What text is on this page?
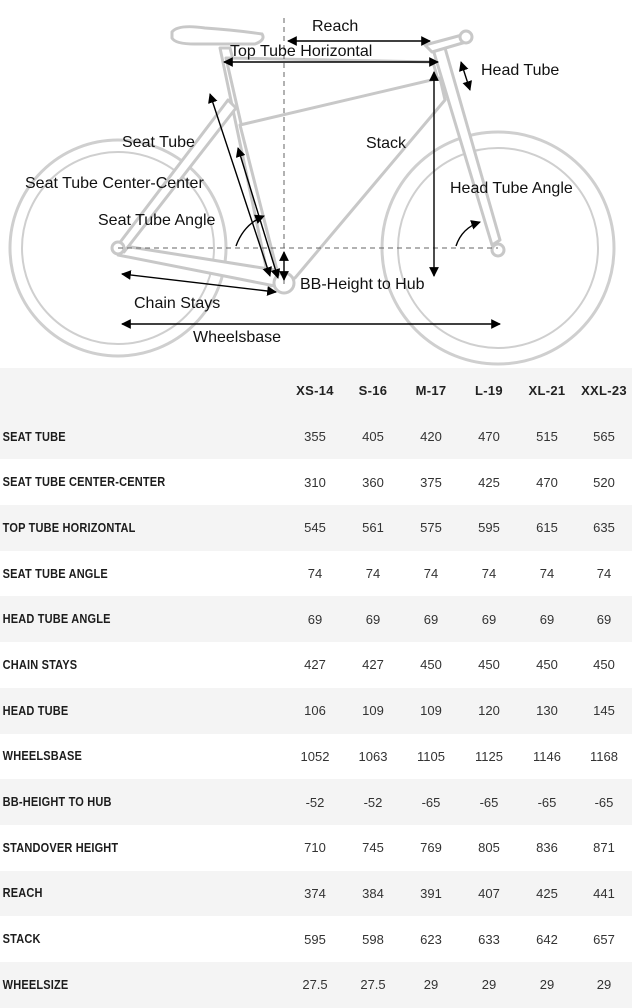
Reach
Top Tube Horizontal
Head Tube
Seat Tube	Stack
Seat Tube Center-Center	Head Tube Angle
Seat Tube Angle
BB-Height to Hub
Chain Stays
Wheelsbase
	XS-14	S-16	M-17	L-19	XL-21	XXL-23
SEAT TUBE	355	405	420	470	515	565
SEAT TUBE CENTER-CENTER	310	360	375	425	470	520
TOP TUBE HORIZONTAL	545	561	575	595	615	635
SEAT TUBE ANGLE	74	74	74	74	74	74
HEAD TUBE ANGLE	69	69	69	69	69	69
CHAIN STAYS	427	427	450	450	450	450
HEAD TUBE	106	109	109	120	130	145
WHEELSBASE	1052	1063	1105	1125	1146	1168
BB-HEIGHT TO HUB	-52	-52	-65	-65	-65	-65
STANDOVER HEIGHT	710	745	769	805	836	871
REACH	374	384	391	407	425	441
STACK	595	598	623	633	642	657
WHEELSIZE	27.5	27.5	29	29	29	29
